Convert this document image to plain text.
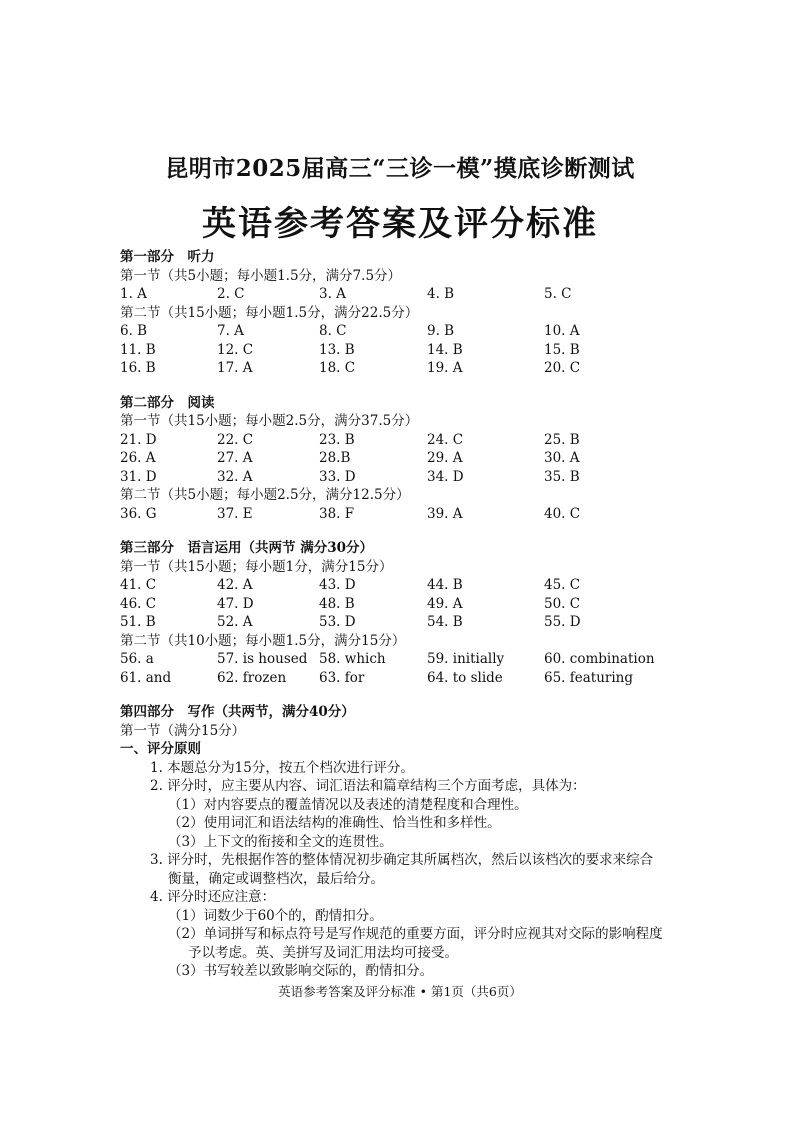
昆明市2025届高三“三诊一模”摸底诊断测试
英语参考答案及评分标准
第一部分　听力
第一节（共5小题；每小题1.5分，满分7.5分）
1. A	2. C	3. A	4. B	5. C
第二节（共15小题；每小题1.5分，满分22.5分）
6. B	7. A	8. C	9. B	10. A
11. B	12. C	13. B	14. B	15. B
16. B	17. A	18. C	19. A	20. C
第二部分　阅读
第一节（共15小题；每小题2.5分，满分37.5分）
21. D	22. C	23. B	24. C	25. B
26. A	27. A	28.B	29. A	30. A
31. D	32. A	33. D	34. D	35. B
第二节（共5小题；每小题2.5分，满分12.5分）
36. G	37. E	38. F	39. A	40. C
第三部分　语言运用（共两节 满分30分）
第一节（共15小题；每小题1分，满分15分）
41. C	42. A	43. D	44. B	45. C
46. C	47. D	48. B	49. A	50. C
51. B	52. A	53. D	54. B	55. D
第二节（共10小题；每小题1.5分，满分15分）
56. a	57. is housed 58. which	59. initially	60. combination
61. and	62. frozen 63. for	64. to slide	65. featuring
第四部分　写作（共两节，满分40分）
第一节（满分15分）
一、评分原则
1. 本题总分为15分，按五个档次进行评分。
2. 评分时，应主要从内容、词汇语法和篇章结构三个方面考虑，具体为：
（1）对内容要点的覆盖情况以及表述的清楚程度和合理性。
（2）使用词汇和语法结构的准确性、恰当性和多样性。
（3）上下文的衔接和全文的连贯性。
3. 评分时，先根据作答的整体情况初步确定其所属档次，然后以该档次的要求来综合
衡量，确定或调整档次，最后给分。
4. 评分时还应注意：
（1）词数少于60个的，酌情扣分。
（2）单词拼写和标点符号是写作规范的重要方面，评分时应视其对交际的影响程度
予以考虑。英、美拼写及词汇用法均可接受。
（3）书写较差以致影响交际的，酌情扣分。
英语参考答案及评分标准 • 第1页（共6页）
